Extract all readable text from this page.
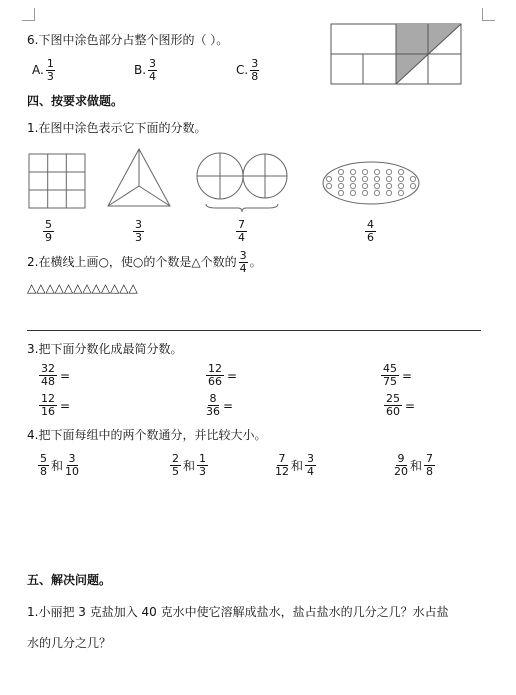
6.下图中涂色部分占整个图形的（ ）。
A. $\frac{1}{3}$	B. $\frac{3}{4}$	C. $\frac{3}{8}$
四、按要求做题。
1.在图中涂色表示它下面的分数。
$\frac{5}{9}$	$\frac{3}{3}$	$\frac{7}{4}$	$\frac{4}{6}$
2.在横线上画○，使○的个数是△个数的 $\frac{3}{4}$ 。
△△△△△△△△△△△△
3.把下面分数化成最简分数。
$\frac{32}{48}$ =	$\frac{12}{66}$ =	$\frac{45}{75}$ =
$\frac{12}{16}$ =	$\frac{8}{36}$ =	$\frac{25}{60}$ =
4.把下面每组中的两个数通分，并比较大小。
$\frac{5}{8}$ 和 $\frac{3}{10}$	$\frac{2}{5}$ 和 $\frac{1}{3}$	$\frac{7}{12}$ 和 $\frac{3}{4}$	$\frac{9}{20}$ 和 $\frac{7}{8}$
五、解决问题。
1.小丽把 3 克盐加入 40 克水中使它溶解成盐水，盐占盐水的几分之几？水占盐
水的几分之几？
